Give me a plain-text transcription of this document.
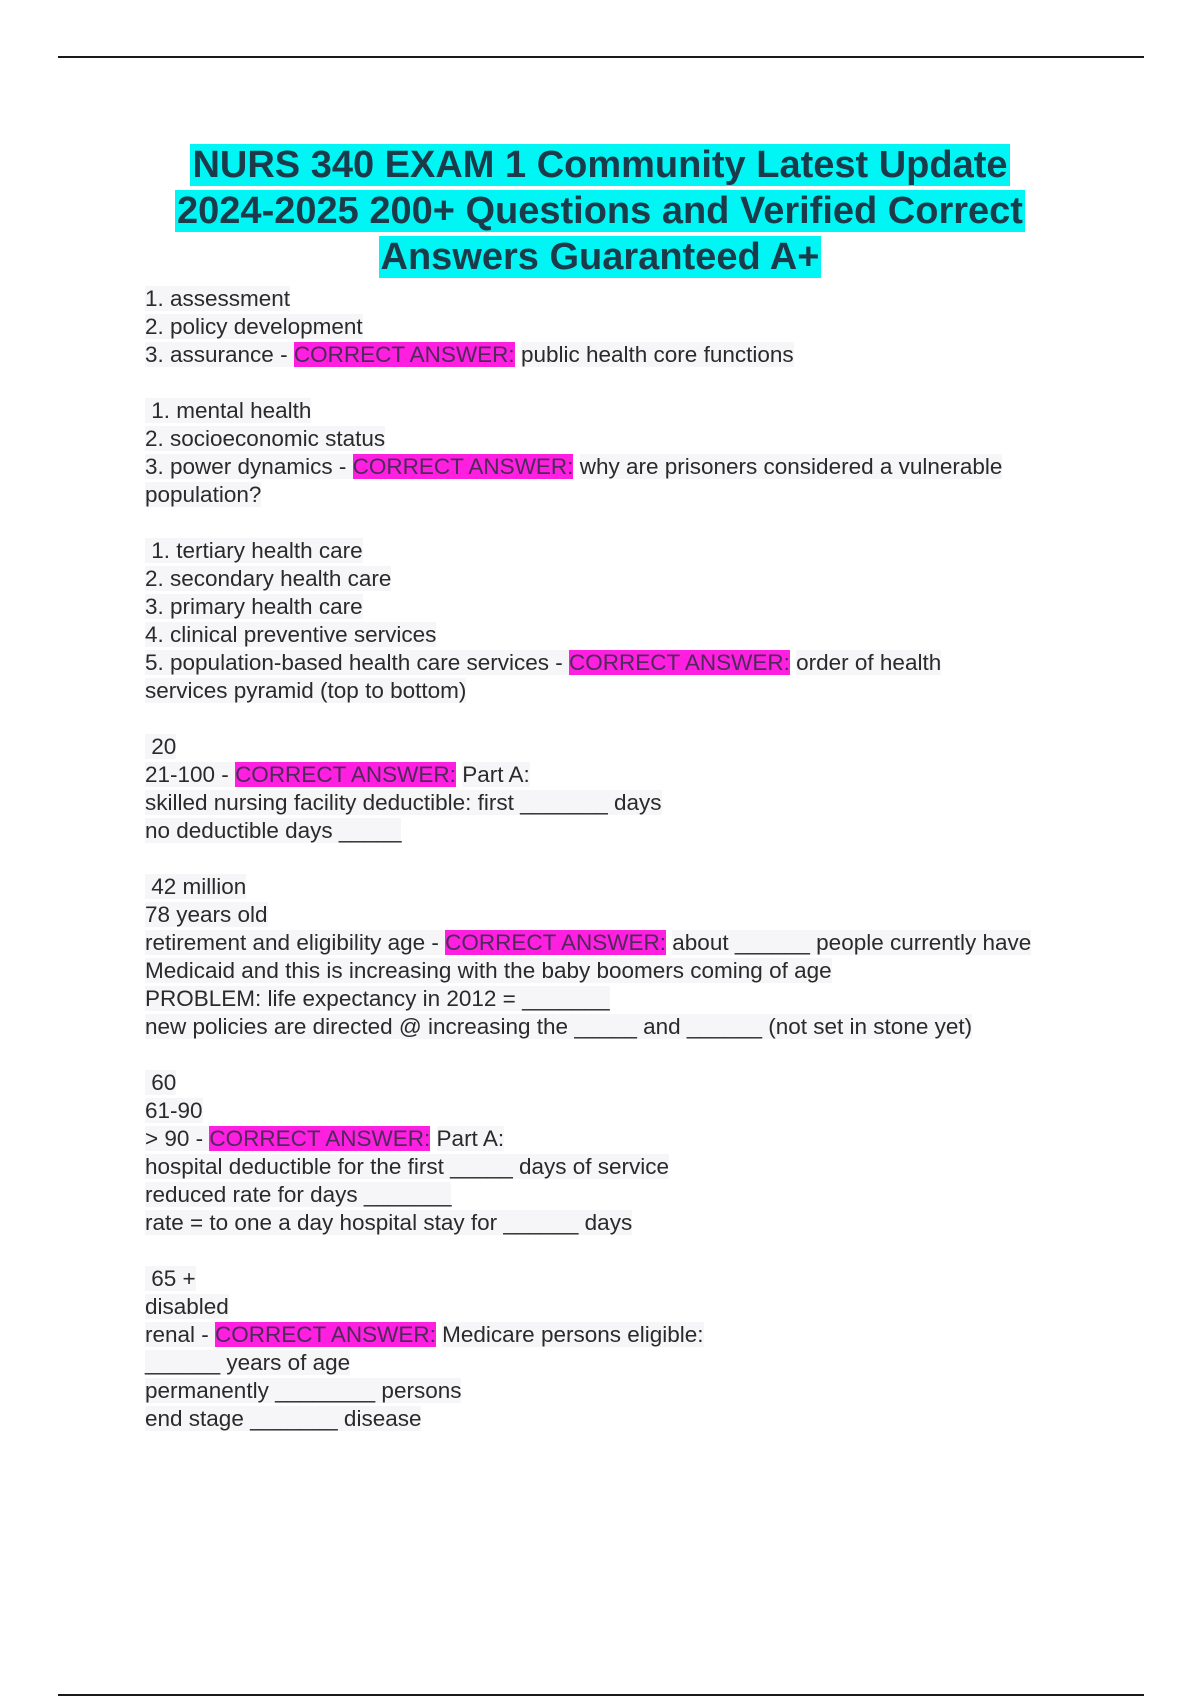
NURS 340 EXAM 1 Community Latest Update
2024-2025 200+ Questions and Verified Correct
Answers Guaranteed A+
1. assessment
2. policy development
3. assurance - CORRECT ANSWER: public health core functions
1. mental health
2. socioeconomic status
3. power dynamics - CORRECT ANSWER: why are prisoners considered a vulnerable
population?
1. tertiary health care
2. secondary health care
3. primary health care
4. clinical preventive services
5. population-based health care services - CORRECT ANSWER: order of health
services pyramid (top to bottom)
20
21-100 - CORRECT ANSWER: Part A:
skilled nursing facility deductible: first _______ days
no deductible days _____
42 million
78 years old
retirement and eligibility age - CORRECT ANSWER: about ______ people currently have
Medicaid and this is increasing with the baby boomers coming of age
PROBLEM: life expectancy in 2012 = _______
new policies are directed @ increasing the _____ and ______ (not set in stone yet)
60
61-90
> 90 - CORRECT ANSWER: Part A:
hospital deductible for the first _____ days of service
reduced rate for days _______
rate = to one a day hospital stay for ______ days
65 +
disabled
renal - CORRECT ANSWER: Medicare persons eligible:
______ years of age
permanently ________ persons
end stage _______ disease
